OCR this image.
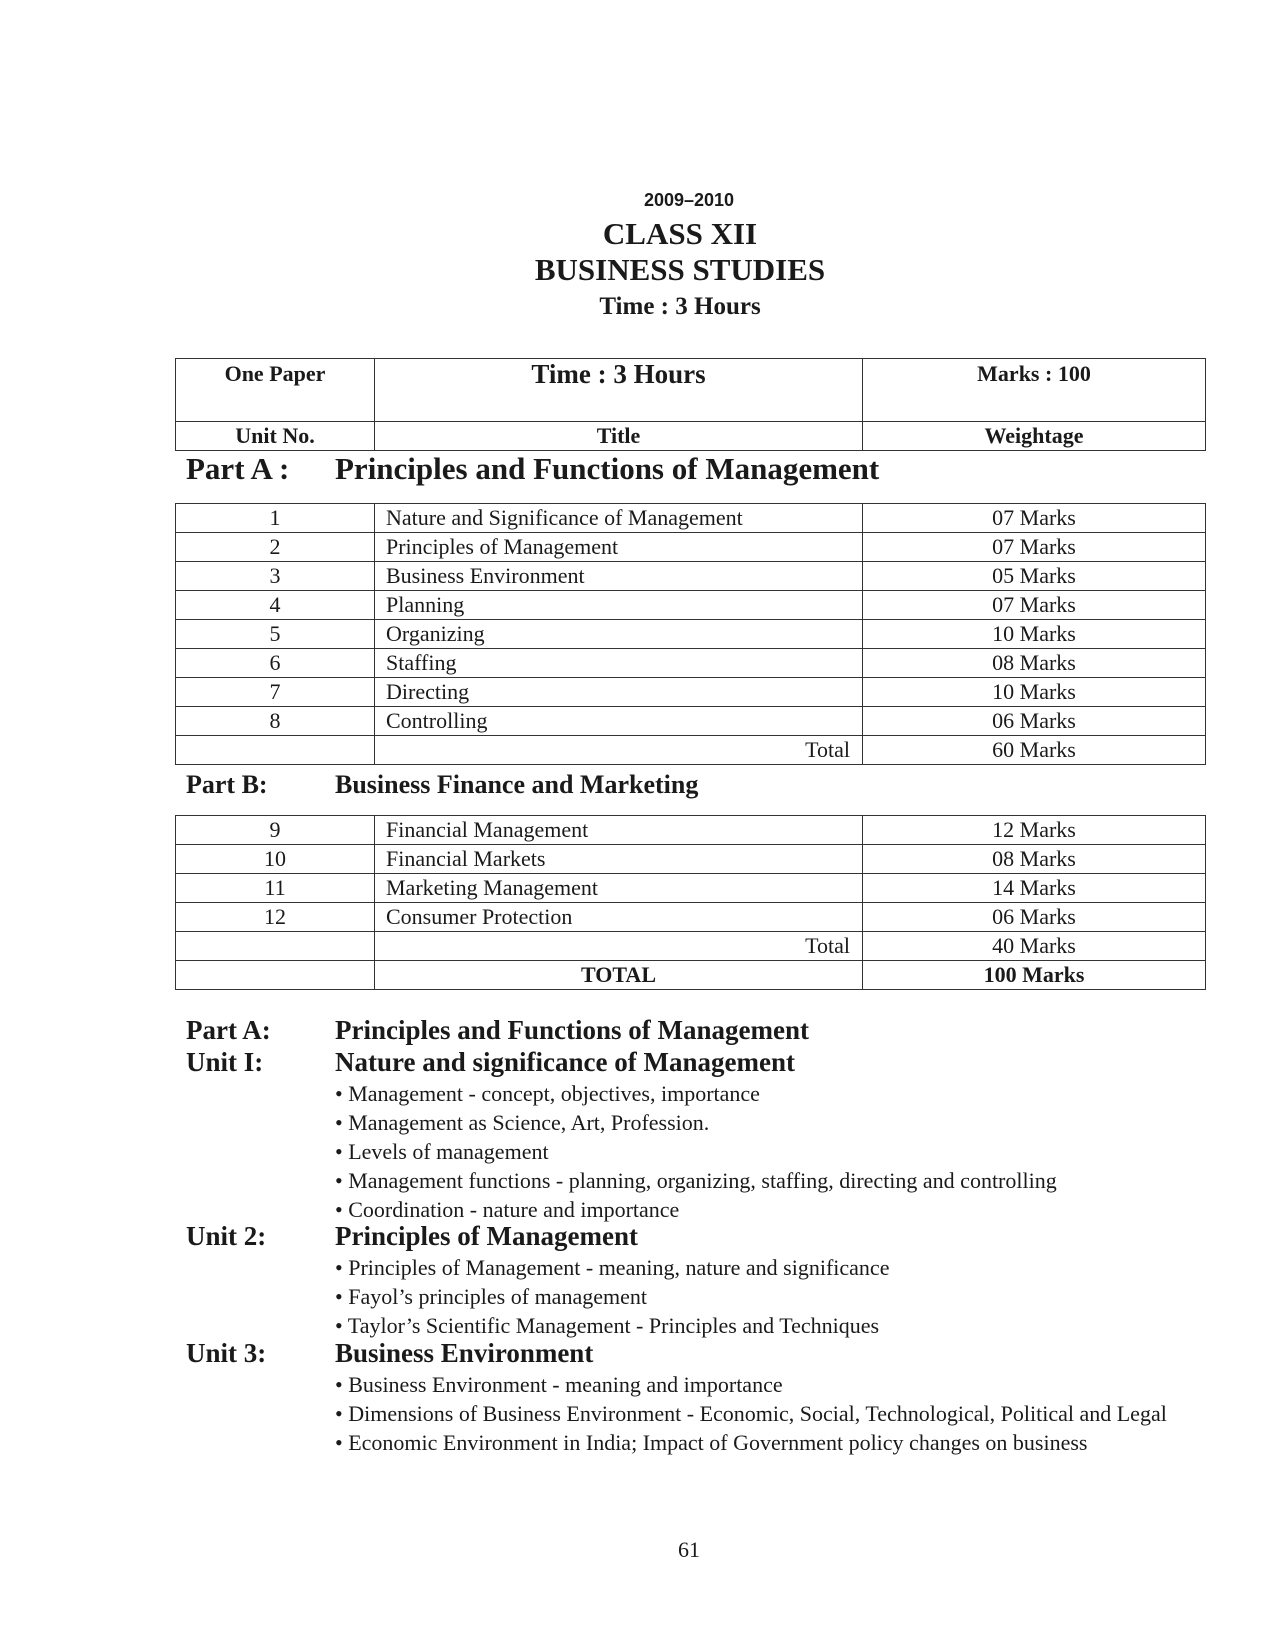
2009–2010
CLASS XII
BUSINESS STUDIES
Time : 3 Hours
One Paper	Time : 3 Hours	Marks : 100
Unit No.	Title	Weightage
Part A : Principles and Functions of Management
1	Nature and Significance of Management	07 Marks
2	Principles of Management	07 Marks
3	Business Environment	05 Marks
4	Planning	07 Marks
5	Organizing	10 Marks
6	Staffing	08 Marks
7	Directing	10 Marks
8	Controlling	06 Marks
	Total	60 Marks
Part B:	Business Finance and Marketing
9	Financial Management	12 Marks
10	Financial Markets	08 Marks
11	Marketing Management	14 Marks
12	Consumer Protection	06 Marks
	Total	40 Marks
	TOTAL	100 Marks
Part A: Principles and Functions of Management
Unit I:	Nature and significance of Management
• Management - concept, objectives, importance
• Management as Science, Art, Profession.
• Levels of management
• Management functions - planning, organizing, staffing, directing and controlling
• Coordination - nature and importance
Unit 2:	Principles of Management
• Principles of Management - meaning, nature and significance
• Fayol’s principles of management
• Taylor’s Scientific Management - Principles and Techniques
Unit 3:	Business Environment
• Business Environment - meaning and importance
• Dimensions of Business Environment - Economic, Social, Technological, Political and Legal
• Economic Environment in India; Impact of Government policy changes on business
61
